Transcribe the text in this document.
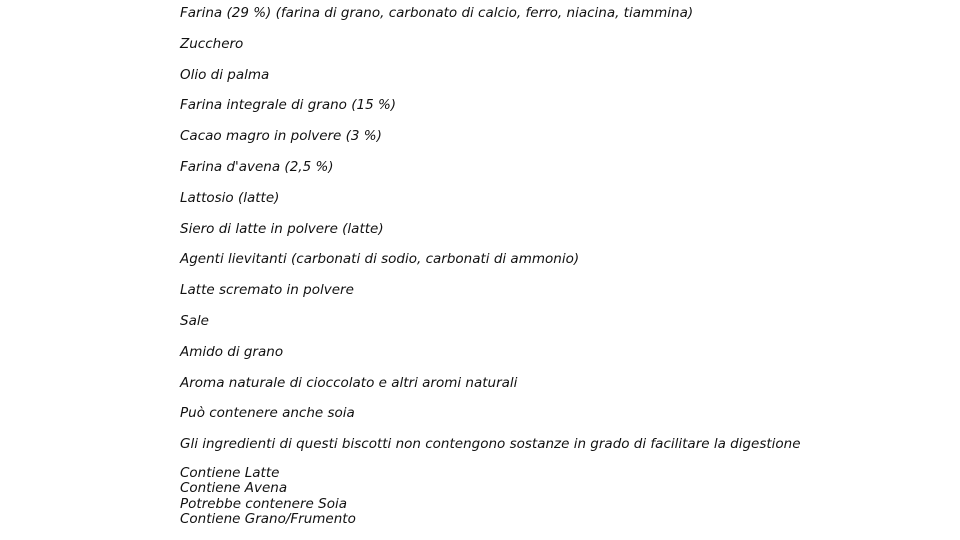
Farina (29 %) (farina di grano, carbonato di calcio, ferro, niacina, tiammina)
Zucchero
Olio di palma
Farina integrale di grano (15 %)
Cacao magro in polvere (3 %)
Farina d'avena (2,5 %)
Lattosio (latte)
Siero di latte in polvere (latte)
Agenti lievitanti (carbonati di sodio, carbonati di ammonio)
Latte scremato in polvere
Sale
Amido di grano
Aroma naturale di cioccolato e altri aromi naturali
Può contenere anche soia
Gli ingredienti di questi biscotti non contengono sostanze in grado di facilitare la digestione
Contiene Latte
Contiene Avena
Potrebbe contenere Soia
Contiene Grano/Frumento
